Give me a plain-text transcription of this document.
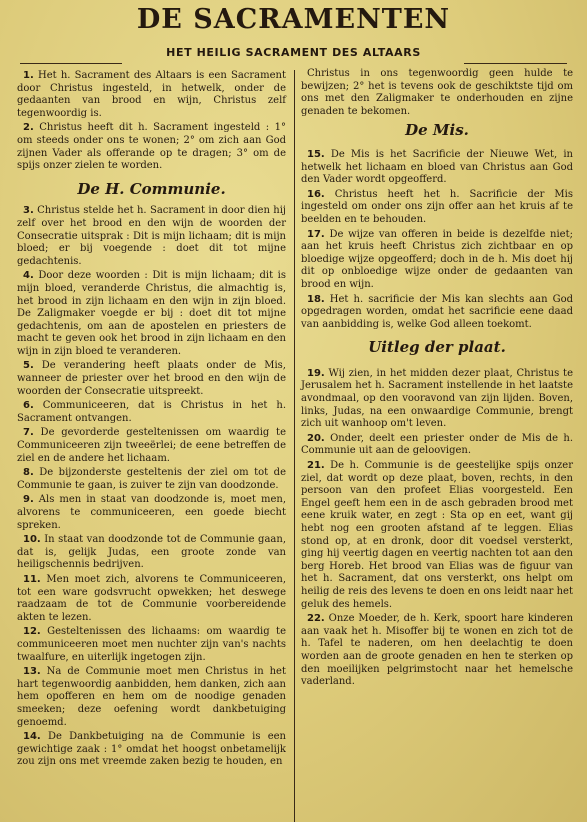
DE SACRAMENTEN
HET HEILIG SACRAMENT DES ALTAARS

1. Het h. Sacrament des Altaars is een Sacrament door Christus ingesteld, in hetwelk, onder de gedaanten van brood en wijn, Christus zelf tegenwoordig is.

2. Christus heeft dit h. Sacrament ingesteld : 1° om steeds onder ons te wonen; 2° om zich aan God zijnen Vader als offerande op te dragen; 3° om de spijs onzer zielen te worden.

De H. Communie.

3. Christus stelde het h. Sacrament in door dien hij zelf over het brood en den wijn de woorden der Consecratie uitsprak : Dit is mijn lichaam; dit is mijn bloed; er bij voegende : doet dit tot mijne gedachtenis.

4. Door deze woorden : Dit is mijn lichaam; dit is mijn bloed, veranderde Christus, die almachtig is, het brood in zijn lichaam en den wijn in zijn bloed. De Zaligmaker voegde er bij : doet dit tot mijne gedachtenis, om aan de apostelen en priesters de macht te geven ook het brood in zijn lichaam en den wijn in zijn bloed te veranderen.

5. De verandering heeft plaats onder de Mis, wanneer de priester over het brood en den wijn de woorden der Consecratie uitspreekt.

6. Communiceeren, dat is Christus in het h. Sacrament ontvangen.

7. De gevorderde gesteltenissen om waardig te Communiceeren zijn tweeërlei; de eene betreffen de ziel en de andere het lichaam.

8. De bijzonderste gesteltenis der ziel om tot de Communie te gaan, is zuiver te zijn van doodzonde.

9. Als men in staat van doodzonde is, moet men, alvorens te communiceeren, een goede biecht spreken.

10. In staat van doodzonde tot de Communie gaan, dat is, gelijk Judas, een groote zonde van heiligschennis bedrijven.

11. Men moet zich, alvorens te Communiceeren, tot een ware godsvrucht opwekken; het deswege raadzaam de tot de Communie voorbereidende akten te lezen.

12. Gesteltenissen des lichaams: om waardig te communiceeren moet men nuchter zijn van's nachts twaalfure, en uiterlijk ingetogen zijn.

13. Na de Communie moet men Christus in het hart tegenwoordig aanbidden, hem danken, zich aan hem opofferen en hem om de noodige genaden smeeken; deze oefening wordt dankbetuiging genoemd.

14. De Dankbetuiging na de Communie is een gewichtige zaak : 1° omdat het hoogst onbetamelijk zou zijn ons met vreemde zaken bezig te houden, en

Christus in ons tegenwoordig geen hulde te bewijzen; 2° het is tevens ook de geschiktste tijd om ons met den Zaligmaker te onderhouden en zijne genaden te bekomen.

De Mis.

15. De Mis is het Sacrificie der Nieuwe Wet, in hetwelk het lichaam en bloed van Christus aan God den Vader wordt opgeofferd.

16. Christus heeft het h. Sacrificie der Mis ingesteld om onder ons zijn offer aan het kruis af te beelden en te behouden.

17. De wijze van offeren in beide is dezelfde niet; aan het kruis heeft Christus zich zichtbaar en op bloedige wijze opgeofferd; doch in de h. Mis doet hij dit op onbloedige wijze onder de gedaanten van brood en wijn.

18. Het h. sacrificie der Mis kan slechts aan God opgedragen worden, omdat het sacrificie eene daad van aanbidding is, welke God alleen toekomt.

Uitleg der plaat.

19. Wij zien, in het midden dezer plaat, Christus te Jerusalem het h. Sacrament instellende in het laatste avondmaal, op den vooravond van zijn lijden. Boven, links, Judas, na een onwaardige Communie, brengt zich uit wanhoop om't leven.

20. Onder, deelt een priester onder de Mis de h. Communie uit aan de geloovigen.

21. De h. Communie is de geestelijke spijs onzer ziel, dat wordt op deze plaat, boven, rechts, in den persoon van den profeet Elias voorgesteld. Een Engel geeft hem een in de asch gebraden brood met eene kruik water, en zegt : Sta op en eet, want gij hebt nog een grooten afstand af te leggen. Elias stond op, at en dronk, door dit voedsel versterkt, ging hij veertig dagen en veertig nachten tot aan den berg Horeb. Het brood van Elias was de figuur van het h. Sacrament, dat ons versterkt, ons helpt om heilig de reis des levens te doen en ons leidt naar het geluk des hemels.

22. Onze Moeder, de h. Kerk, spoort hare kinderen aan vaak het h. Misoffer bij te wonen en zich tot de h. Tafel te naderen, om hen deelachtig te doen worden aan de groote genaden en hen te sterken op den moeilijken pelgrimstocht naar het hemelsche vaderland.
